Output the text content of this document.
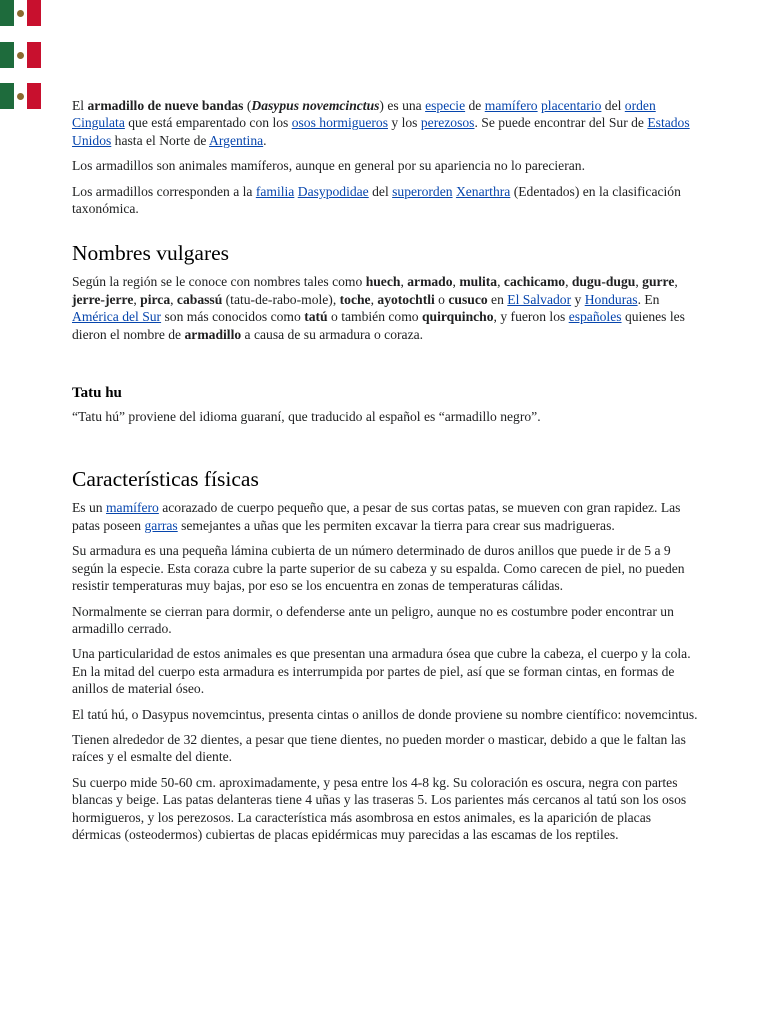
El armadillo de nueve bandas (Dasypus novemcinctus) es una especie de mamífero placentario del orden Cingulata que está emparentado con los osos hormigueros y los perezosos. Se puede encontrar del Sur de Estados Unidos hasta el Norte de Argentina.

Los armadillos son animales mamíferos, aunque en general por su apariencia no lo parecieran.

Los armadillos corresponden a la familia Dasypodidae del superorden Xenarthra (Edentados) en la clasificación taxonómica.

Nombres vulgares

Según la región se le conoce con nombres tales como huech, armado, mulita, cachicamo, dugu-dugu, gurre, jerre-jerre, pirca, cabassú (tatu-de-rabo-mole), toche, ayotochtli o cusuco en El Salvador y Honduras. En América del Sur son más conocidos como tatú o también como quirquincho, y fueron los españoles quienes les dieron el nombre de armadillo a causa de su armadura o coraza.

Tatu hu

“Tatu hú” proviene del idioma guaraní, que traducido al español es “armadillo negro”.

Características físicas

Es un mamífero acorazado de cuerpo pequeño que, a pesar de sus cortas patas, se mueven con gran rapidez. Las patas poseen garras semejantes a uñas que les permiten excavar la tierra para crear sus madrigueras.

Su armadura es una pequeña lámina cubierta de un número determinado de duros anillos que puede ir de 5 a 9 según la especie. Esta coraza cubre la parte superior de su cabeza y su espalda. Como carecen de piel, no pueden resistir temperaturas muy bajas, por eso se los encuentra en zonas de temperaturas cálidas.

Normalmente se cierran para dormir, o defenderse ante un peligro, aunque no es costumbre poder encontrar un armadillo cerrado.

Una particularidad de estos animales es que presentan una armadura ósea que cubre la cabeza, el cuerpo y la cola. En la mitad del cuerpo esta armadura es interrumpida por partes de piel, así que se forman cintas, en formas de anillos de material óseo.

El tatú hú, o Dasypus novemcintus, presenta cintas o anillos de donde proviene su nombre científico: novemcintus.

Tienen alrededor de 32 dientes, a pesar que tiene dientes, no pueden morder o masticar, debido a que le faltan las raíces y el esmalte del diente.

Su cuerpo mide 50-60 cm. aproximadamente, y pesa entre los 4-8 kg. Su coloración es oscura, negra con partes blancas y beige. Las patas delanteras tiene 4 uñas y las traseras 5. Los parientes más cercanos al tatú son los osos hormigueros, y los perezosos. La característica más asombrosa en estos animales, es la aparición de placas dérmicas (osteodermos) cubiertas de placas epidérmicas muy parecidas a las escamas de los reptiles.
